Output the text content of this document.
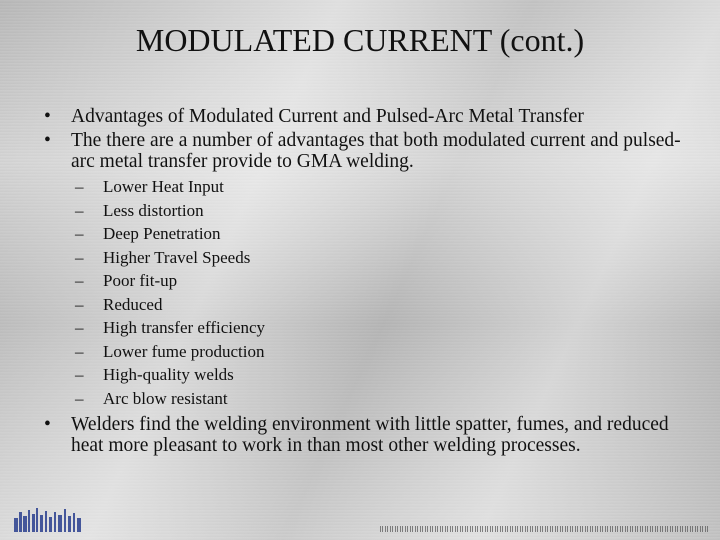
MODULATED CURRENT (cont.)
• Advantages of Modulated Current and Pulsed-Arc Metal Transfer
• The there are a number of advantages that both modulated current and pulsed-arc metal transfer provide to GMA welding.
– Lower Heat Input
– Less distortion
– Deep Penetration
– Higher Travel Speeds
– Poor fit-up
– Reduced
– High transfer efficiency
– Lower fume production
– High-quality welds
– Arc blow resistant
• Welders find the welding environment with little spatter, fumes, and reduced heat more pleasant to work in than most other welding processes.
